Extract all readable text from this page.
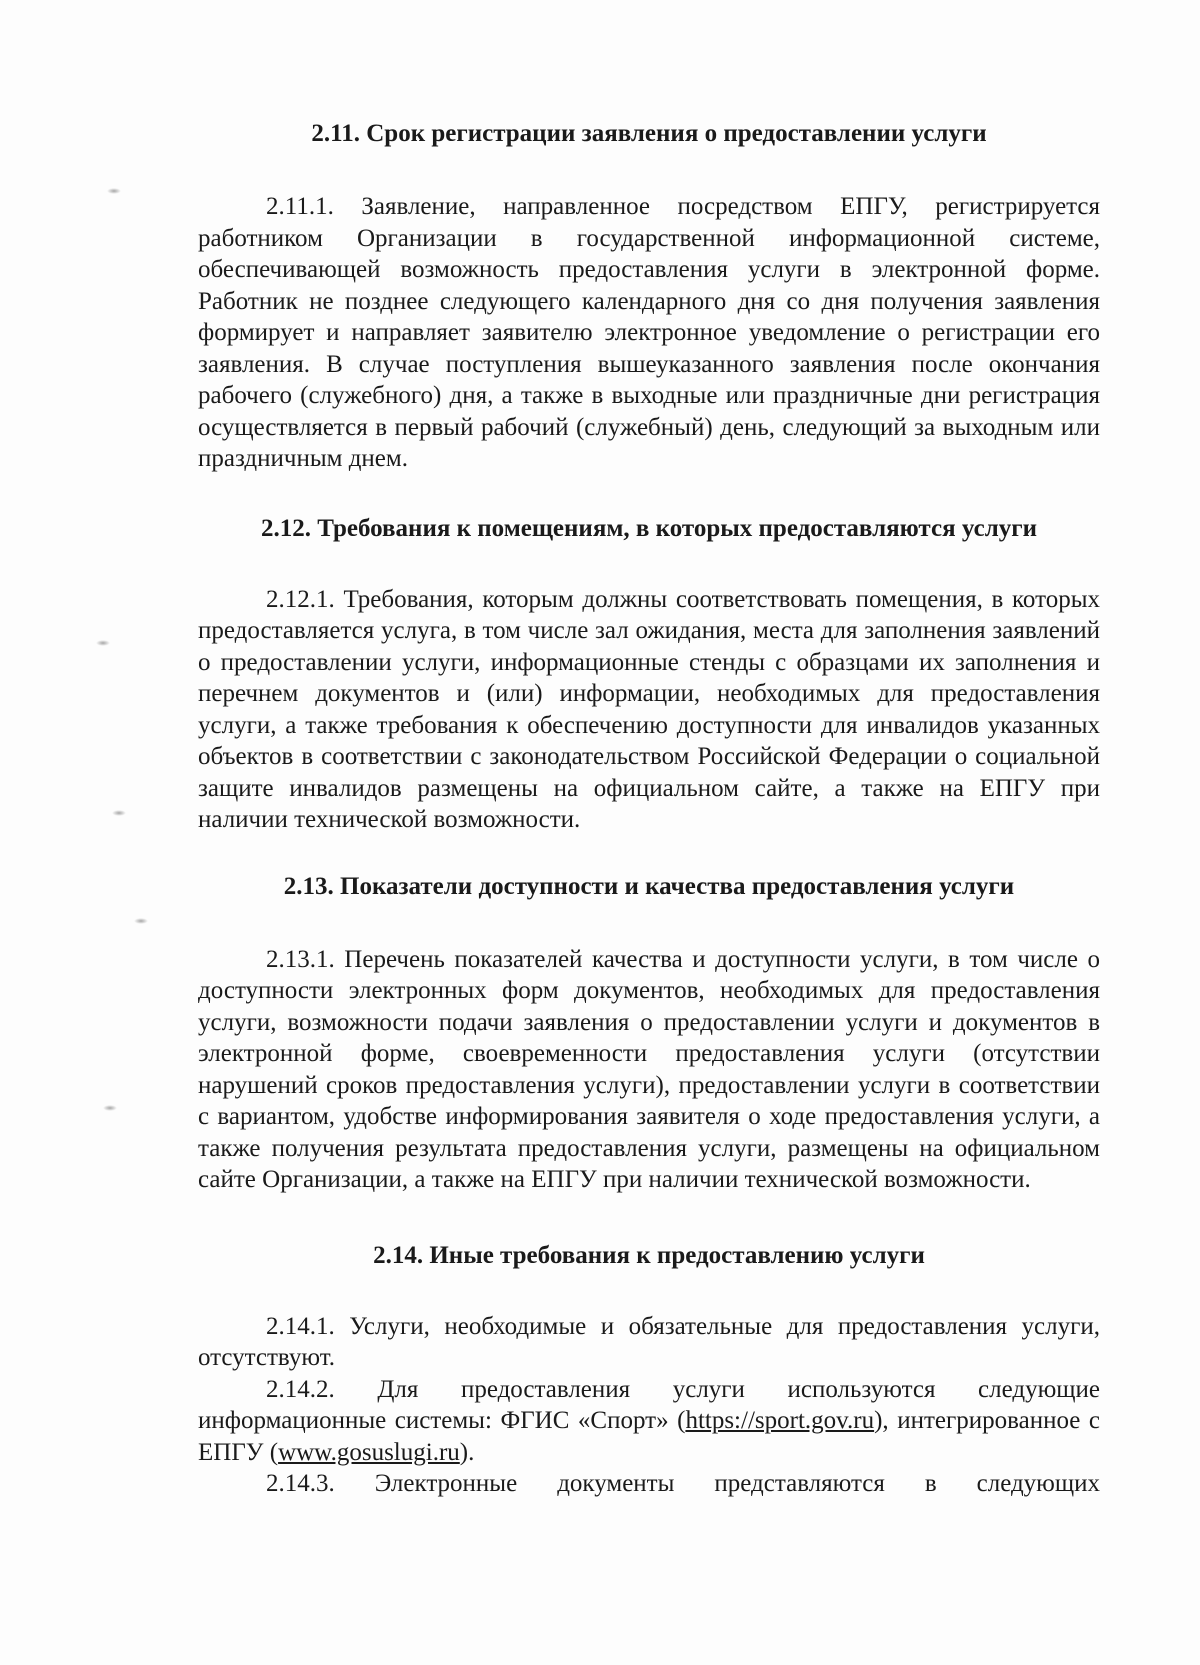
2.11. Срок регистрации заявления о предоставлении услуги

2.11.1. Заявление, направленное посредством ЕПГУ, регистрируется работником Организации в государственной информационной системе, обеспечивающей возможность предоставления услуги в электронной форме. Работник не позднее следующего календарного дня со дня получения заявления формирует и направляет заявителю электронное уведомление о регистрации его заявления. В случае поступления вышеуказанного заявления после окончания рабочего (служебного) дня, а также в выходные или праздничные дни регистрация осуществляется в первый рабочий (служебный) день, следующий за выходным или праздничным днем.

2.12. Требования к помещениям, в которых предоставляются услуги

2.12.1. Требования, которым должны соответствовать помещения, в которых предоставляется услуга, в том числе зал ожидания, места для заполнения заявлений о предоставлении услуги, информационные стенды с образцами их заполнения и перечнем документов и (или) информации, необходимых для предоставления услуги, а также требования к обеспечению доступности для инвалидов указанных объектов в соответствии с законодательством Российской Федерации о социальной защите инвалидов размещены на официальном сайте, а также на ЕПГУ при наличии технической возможности.

2.13. Показатели доступности и качества предоставления услуги

2.13.1. Перечень показателей качества и доступности услуги, в том числе о доступности электронных форм документов, необходимых для предоставления услуги, возможности подачи заявления о предоставлении услуги и документов в электронной форме, своевременности предоставления услуги (отсутствии нарушений сроков предоставления услуги), предоставлении услуги в соответствии с вариантом, удобстве информирования заявителя о ходе предоставления услуги, а также получения результата предоставления услуги, размещены на официальном сайте Организации, а также на ЕПГУ при наличии технической возможности.

2.14. Иные требования к предоставлению услуги

2.14.1. Услуги, необходимые и обязательные для предоставления услуги, отсутствуют.

2.14.2. Для предоставления услуги используются следующие информационные системы: ФГИС «Спорт» (https://sport.gov.ru), интегрированное с ЕПГУ (www.gosuslugi.ru).

2.14.3. Электронные документы представляются в следующих
